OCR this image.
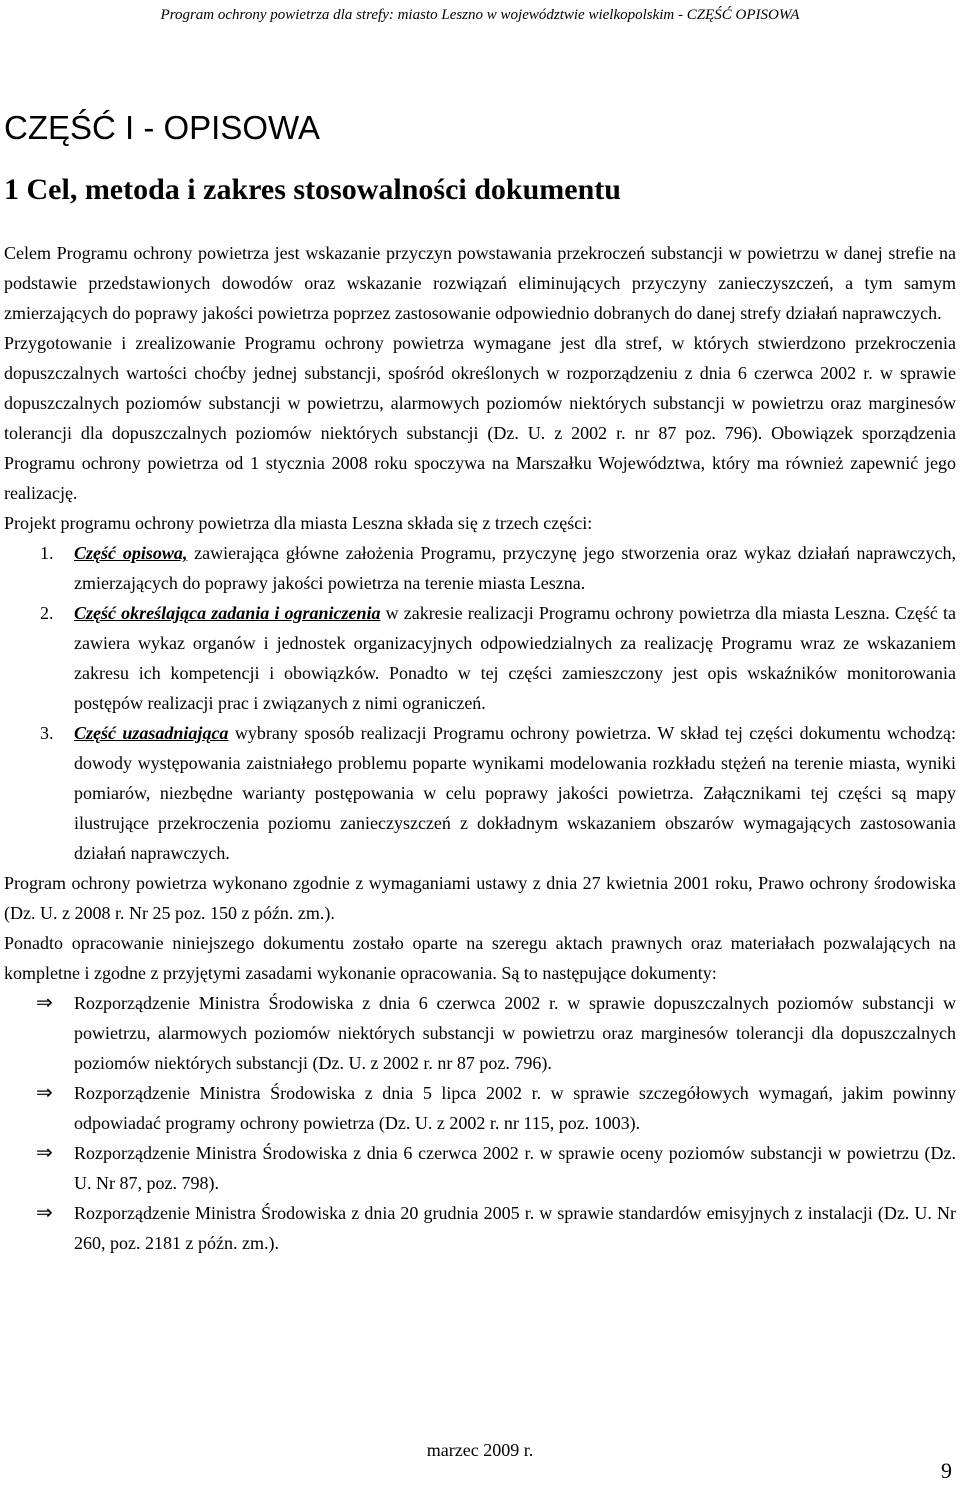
Program ochrony powietrza dla strefy: miasto Leszno w województwie wielkopolskim - CZĘŚĆ OPISOWA
CZĘŚĆ I - OPISOWA
1 Cel, metoda i zakres stosowalności dokumentu

Celem Programu ochrony powietrza jest wskazanie przyczyn powstawania przekroczeń substancji w powietrzu w danej strefie na podstawie przedstawionych dowodów oraz wskazanie rozwiązań eliminujących przyczyny zanieczyszczeń, a tym samym zmierzających do poprawy jakości powietrza poprzez zastosowanie odpowiednio dobranych do danej strefy działań naprawczych.

Przygotowanie i zrealizowanie Programu ochrony powietrza wymagane jest dla stref, w których stwierdzono przekroczenia dopuszczalnych wartości choćby jednej substancji, spośród określonych w rozporządzeniu z dnia 6 czerwca 2002 r. w sprawie dopuszczalnych poziomów substancji w powietrzu, alarmowych poziomów niektórych substancji w powietrzu oraz marginesów tolerancji dla dopuszczalnych poziomów niektórych substancji (Dz. U. z 2002 r. nr 87 poz. 796). Obowiązek sporządzenia Programu ochrony powietrza od 1 stycznia 2008 roku spoczywa na Marszałku Województwa, który ma również zapewnić jego realizację.

Projekt programu ochrony powietrza dla miasta Leszna składa się z trzech części:

1.	Część opisowa, zawierająca główne założenia Programu, przyczynę jego stworzenia oraz wykaz działań naprawczych, zmierzających do poprawy jakości powietrza na terenie miasta Leszna.
2.	Część określająca zadania i ograniczenia w zakresie realizacji Programu ochrony powietrza dla miasta Leszna. Część ta zawiera wykaz organów i jednostek organizacyjnych odpowiedzialnych za realizację Programu wraz ze wskazaniem zakresu ich kompetencji i obowiązków. Ponadto w tej części zamieszczony jest opis wskaźników monitorowania postępów realizacji prac i związanych z nimi ograniczeń.
3.	Część uzasadniająca wybrany sposób realizacji Programu ochrony powietrza. W skład tej części dokumentu wchodzą: dowody występowania zaistniałego problemu poparte wynikami modelowania rozkładu stężeń na terenie miasta, wyniki pomiarów, niezbędne warianty postępowania w celu poprawy jakości powietrza. Załącznikami tej części są mapy ilustrujące przekroczenia poziomu zanieczyszczeń z dokładnym wskazaniem obszarów wymagających zastosowania działań naprawczych.

Program ochrony powietrza wykonano zgodnie z wymaganiami ustawy z dnia 27 kwietnia 2001 roku, Prawo ochrony środowiska (Dz. U. z 2008 r. Nr 25 poz. 150 z późn. zm.).

Ponadto opracowanie niniejszego dokumentu zostało oparte na szeregu aktach prawnych oraz materiałach pozwalających na kompletne i zgodne z przyjętymi zasadami wykonanie opracowania. Są to następujące dokumenty:

⇒	Rozporządzenie Ministra Środowiska z dnia 6 czerwca 2002 r. w sprawie dopuszczalnych poziomów substancji w powietrzu, alarmowych poziomów niektórych substancji w powietrzu oraz marginesów tolerancji dla dopuszczalnych poziomów niektórych substancji (Dz. U. z 2002 r. nr 87 poz. 796).
⇒	Rozporządzenie Ministra Środowiska z dnia 5 lipca 2002 r. w sprawie szczegółowych wymagań, jakim powinny odpowiadać programy ochrony powietrza (Dz. U. z 2002 r. nr 115, poz. 1003).
⇒	Rozporządzenie Ministra Środowiska z dnia 6 czerwca 2002 r. w sprawie oceny poziomów substancji w powietrzu (Dz. U. Nr 87, poz. 798).
⇒	Rozporządzenie Ministra Środowiska z dnia 20 grudnia 2005 r. w sprawie standardów emisyjnych z instalacji (Dz. U. Nr 260, poz. 2181 z późn. zm.).
marzec 2009 r.
9
